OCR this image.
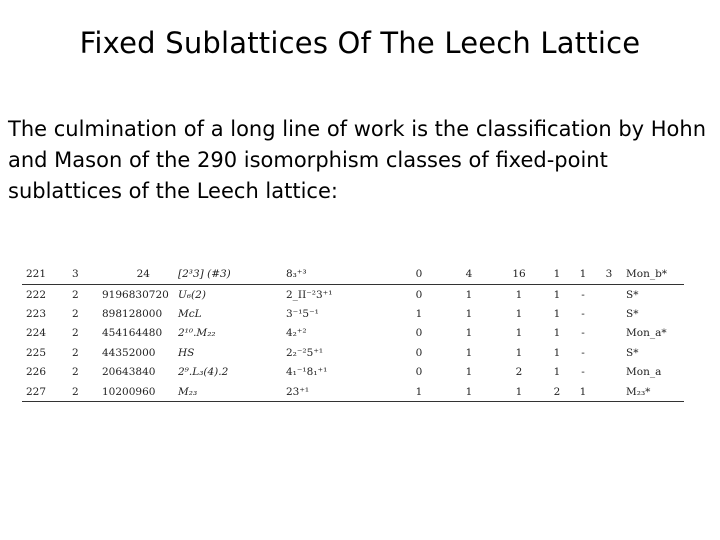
Fixed Sublattices Of The Leech Lattice
The culmination of a long line of work is the classification by Hohn and Mason of the 290 isomorphism classes of fixed-point sublattices of the Leech lattice:
221	3	24	[2³3] (#3)	8₃⁺³	0	4	16	1	1	3	Mon_b*
222	2	9196830720	U₆(2)	2_II⁻²3⁺¹	0	1	1	1	-		S*
223	2	898128000	McL	3⁻¹5⁻¹	1	1	1	1	-		S*
224	2	454164480	2¹⁰.M₂₂	4₂⁺²	0	1	1	1	-		Mon_a*
225	2	44352000	HS	2₂⁻²5⁺¹	0	1	1	1	-		S*
226	2	20643840	2⁹.L₃(4).2	4₁⁻¹8₁⁺¹	0	1	2	1	-		Mon_a
227	2	10200960	M₂₃	23⁺¹	1	1	1	2	1		M₂₃*
